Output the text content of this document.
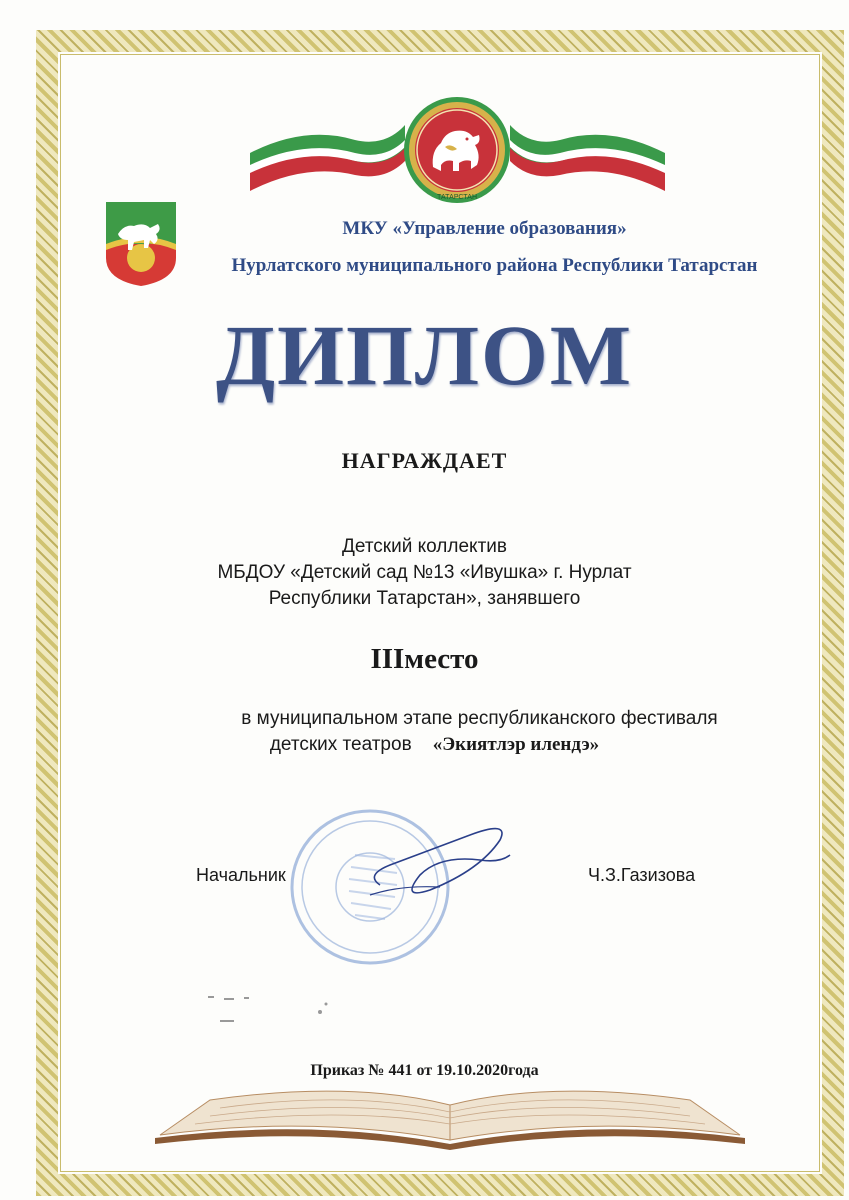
ТАТАРСТАН
МКУ «Управление образования»
Нурлатского муниципального района Республики Татарстан
ДИПЛОМ
НАГРАЖДАЕТ
Детский коллектив
МБДОУ «Детский сад №13 «Ивушка» г. Нурлат
Республики Татарстан», занявшего
IIIместо
в муниципальном этапе республиканского фестиваля
детских театров    «Экиятлэр илендэ»
Начальник	Ч.З.Газизова
Приказ № 441 от 19.10.2020года
